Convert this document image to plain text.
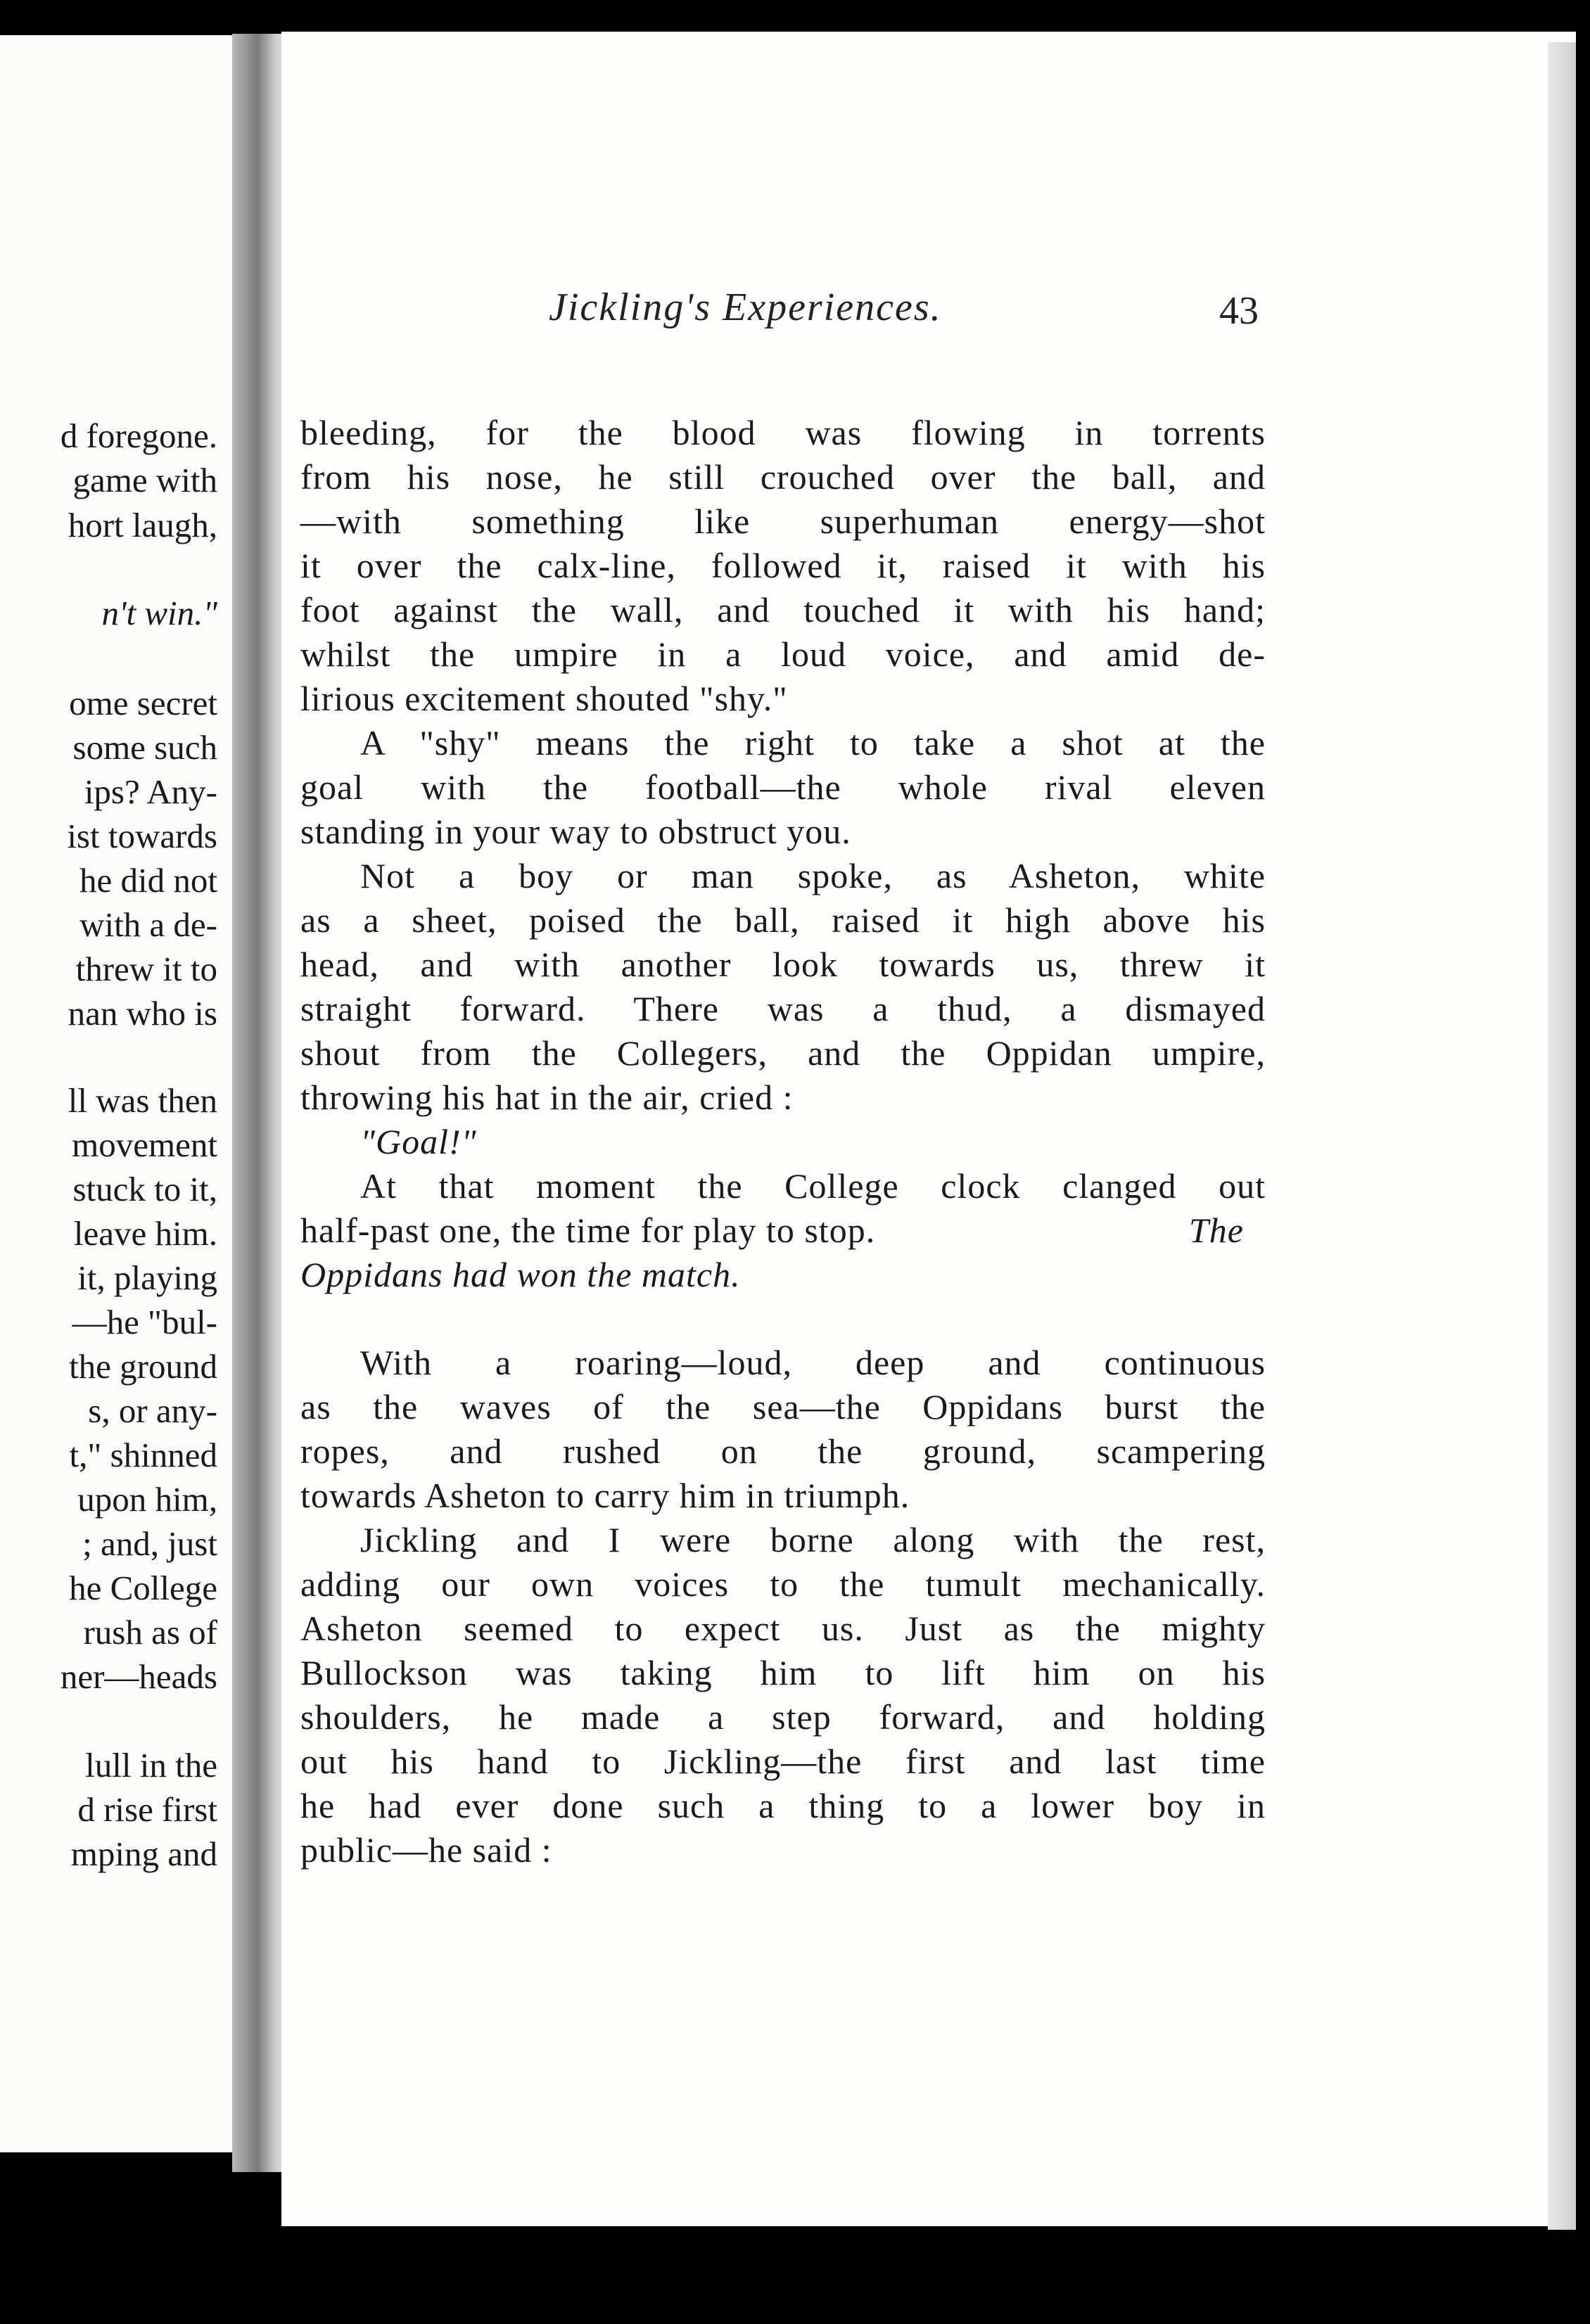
d foregone.
game with
hort laugh,
n't win."
ome secret
some such
ips? Any-
ist towards
he did not
with a de-
threw it to
nan who is
ll was then
movement
stuck to it,
leave him.
it, playing
—he "bul-
the ground
s, or any-
t," shinned
upon him,
; and, just
he College
rush as of
ner—heads
lull in the
d rise first
mping and
Jickling's Experiences.	43
bleeding, for the blood was flowing in torrents
from his nose, he still crouched over the ball, and
—with something like superhuman energy—shot
it over the calx-line, followed it, raised it with his
foot against the wall, and touched it with his hand;
whilst the umpire in a loud voice, and amid de-
lirious excitement shouted "shy."
A "shy" means the right to take a shot at the
goal with the football—the whole rival eleven
standing in your way to obstruct you.
Not a boy or man spoke, as Asheton, white
as a sheet, poised the ball, raised it high above his
head, and with another look towards us, threw it
straight forward. There was a thud, a dismayed
shout from the Collegers, and the Oppidan umpire,
throwing his hat in the air, cried :
"Goal!"
At that moment the College clock clanged out
half-past one, the time for play to stop.	The
Oppidans had won the match.
With a roaring—loud, deep and continuous
as the waves of the sea—the Oppidans burst the
ropes, and rushed on the ground, scampering
towards Asheton to carry him in triumph.
Jickling and I were borne along with the rest,
adding our own voices to the tumult mechanically.
Asheton seemed to expect us. Just as the mighty
Bullockson was taking him to lift him on his
shoulders, he made a step forward, and holding
out his hand to Jickling—the first and last time
he had ever done such a thing to a lower boy in
public—he said :
